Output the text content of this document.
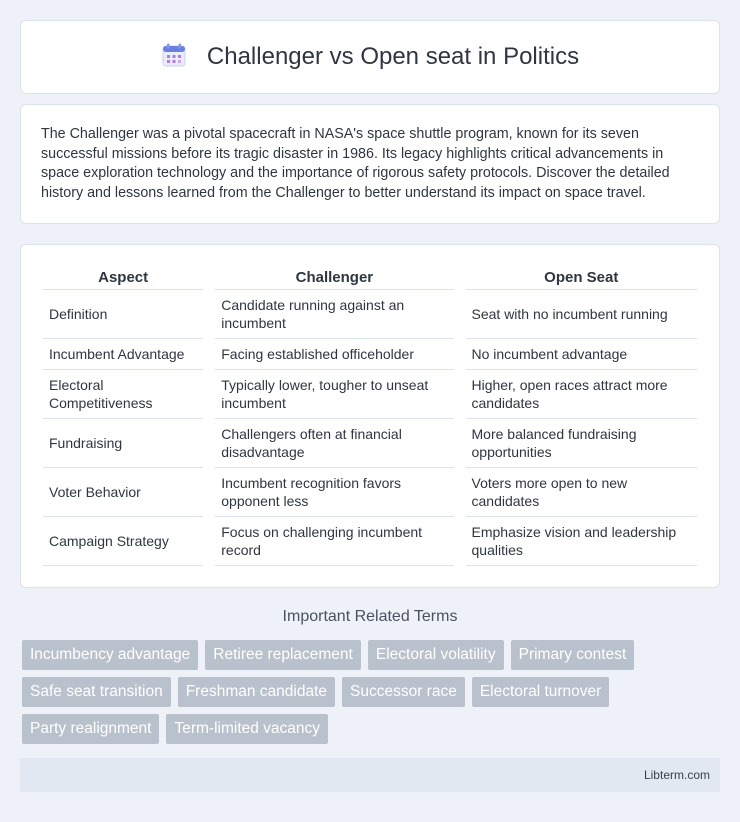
Challenger vs Open seat in Politics

The Challenger was a pivotal spacecraft in NASA's space shuttle program, known for its seven successful missions before its tragic disaster in 1986. Its legacy highlights critical advancements in space exploration technology and the importance of rigorous safety protocols. Discover the detailed history and lessons learned from the Challenger to better understand its impact on space travel.

Aspect		Challenger		Open Seat
Definition		Candidate running against an incumbent		Seat with no incumbent running
Incumbent Advantage		Facing established officeholder		No incumbent advantage
Electoral Competitiveness		Typically lower, tougher to unseat incumbent		Higher, open races attract more candidates
Fundraising		Challengers often at financial disadvantage		More balanced fundraising opportunities
Voter Behavior		Incumbent recognition favors opponent less		Voters more open to new candidates
Campaign Strategy		Focus on challenging incumbent record		Emphasize vision and leadership qualities
Important Related Terms
Incumbency advantage	Retiree replacement	Electoral volatility	Primary contest
Safe seat transition	Freshman candidate	Successor race	Electoral turnover
Party realignment	Term-limited vacancy
Libterm.com
